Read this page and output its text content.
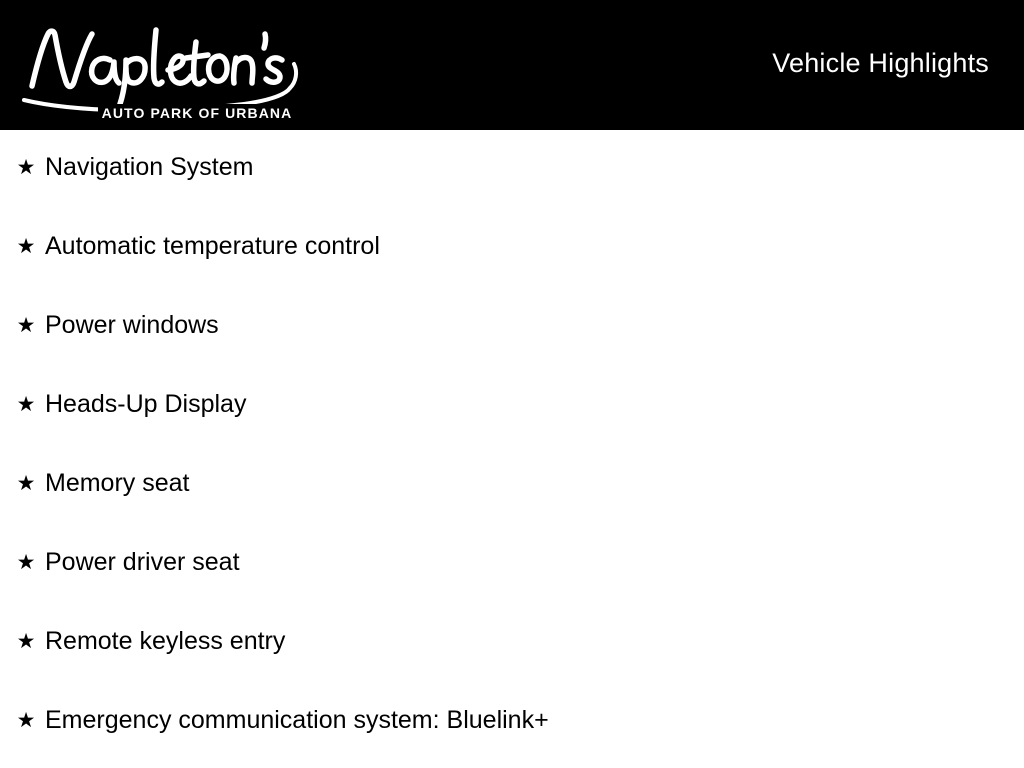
AUTO PARK OF URBANA
Vehicle Highlights
★ Navigation System
★ Automatic temperature control
★ Power windows
★ Heads-Up Display
★ Memory seat
★ Power driver seat
★ Remote keyless entry
★ Emergency communication system: Bluelink+
